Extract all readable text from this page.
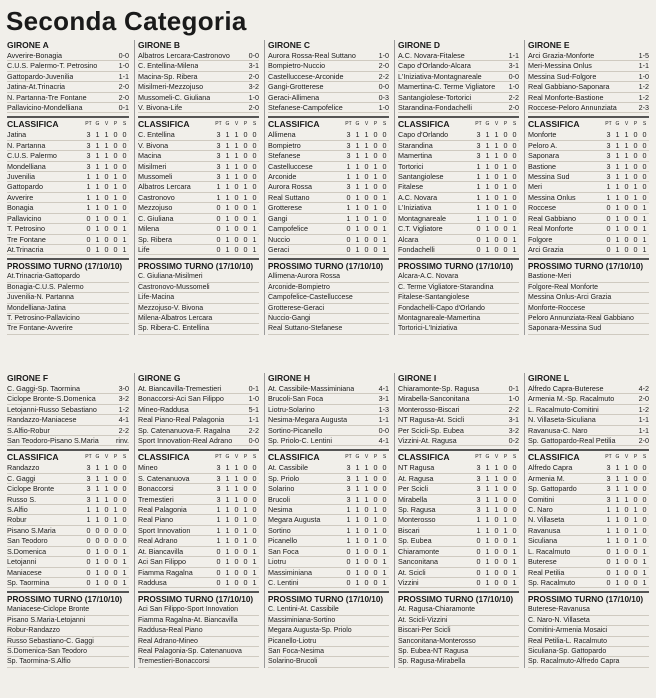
Seconda Categoria
GIRONE A
Avverire-Bonagia	0-0
C.U.S. Palermo-T. Petrosino	1-0
Gattopardo-Juvenilia	1-1
Jatina-At.Trinacria	2-0
N. Partanna-Tre Fontane	2-0
Pallavicino-Mondelliana	0-1
CLASSIFICA	PT G	V	P	S
Jatina	3 1 1 0 0
N. Partanna	3 1 1 0 0
C.U.S. Palermo	3 1 1 0 0
Mondelliana	3 1 1 0 0
Juvenilia	1 1 0 1 0
Gattopardo	1 1 0 1 0
Avverire	1 1 0 1 0
Bonagia	1 1 0 1 0
Pallavicino	0 1 0 0 1
T. Petrosino	0 1 0 0 1
Tre Fontane	0 1 0 0 1
At.Trinacria	0 1 0 0 1
PROSSIMO TURNO (17/10/10)
At.Trinacria-Gattopardo
Bonagia-C.U.S. Palermo
Juvenilia-N. Partanna
Mondelliana-Jatina
T. Petrosino-Pallavicino
Tre Fontane-Avverire
GIRONE B
Albatros Lercara-Castronovo	0-0
C. Entellina-Milena	3-1
Macina-Sp. Ribera	2-0
Misilmeri-Mezzojuso	3-2
Mussomeli-C. Giuliana	1-0
V. Bivona-Life	2-0
CLASSIFICA	PT G	V	P	S
C. Entellina	3 1 1 0 0
V. Bivona	3 1 1 0 0
Macina	3 1 1 0 0
Misilmeri	3 1 1 0 0
Mussomeli	3 1 1 0 0
Albatros Lercara	1 1 0 1 0
Castronovo	1 1 0 1 0
Mezzojuso	0 1 0 0 1
C. Giuliana	0 1 0 0 1
Milena	0 1 0 0 1
Sp. Ribera	0 1 0 0 1
Life	0 1 0 0 1
PROSSIMO TURNO (17/10/10)
C. Giuliana-Misilmeri
Castronovo-Mussomeli
Life-Macina
Mezzojuso-V. Bivona
Milena-Albatros Lercara
Sp. Ribera-C. Entellina
GIRONE C
Aurora Rossa-Real Suttano	1-0
Bompietro-Nuccio	2-0
Castelluccese-Arconide	2-2
Gangi-Grotterese	0-0
Geraci-Allimena	0-3
Stefanese-Campofelice	1-0
CLASSIFICA	PT G	V	P	S
Allimena	3 1 1 0 0
Bompietro	3 1 1 0 0
Stefanese	3 1 1 0 0
Castelluccese	1 1 0 1 0
Arconide	1 1 0 1 0
Aurora Rossa	3 1 1 0 0
Real Suttano	0 1 0 0 1
Grotterese	1 1 0 1 0
Gangi	1 1 0 1 0
Campofelice	0 1 0 0 1
Nuccio	0 1 0 0 1
Geraci	0 1 0 0 1
PROSSIMO TURNO (17/10/10)
Allimena-Aurora Rossa
Arconide-Bompietro
Campofelice-Castelluccese
Grotterese-Geraci
Nuccio-Gangi
Real Suttano-Stefanese
GIRONE D
A.C. Novara-Fitalese	1-1
Capo d'Orlando-Alcara	3-1
L'Iniziativa-Montagnareale	0-0
Mamertina-C. Terme Vigliatore 1-0
Santangiolese-Tortorici	2-2
Starandina-Fondachelli	2-0
CLASSIFICA	PT G	V	P	S
Capo d'Orlando	3 1 1 0 0
Starandina	3 1 1 0 0
Mamertina	3 1 1 0 0
Tortorici	1 1 0 1 0
Santangiolese	1 1 0 1 0
Fitalese	1 1 0 1 0
A.C. Novara	1 1 0 1 0
L'Iniziativa	1 1 0 1 0
Montagnareale	1 1 0 1 0
C.T. Vigliatore	0 1 0 0 1
Alcara	0 1 0 0 1
Fondachelli	0 1 0 0 1
PROSSIMO TURNO (17/10/10)
Alcara-A.C. Novara
C. Terme Vigliatore-Starandina
Fitalese-Santangiolese
Fondachelli-Capo d'Orlando
Montagnareale-Mamertina
Tortorici-L'Iniziativa
GIRONE E
Arci Grazia-Monforte	1-5
Meri-Messina Onlus	1-1
Messina Sud-Folgore	1-0
Real Gabbiano-Saponara	1-2
Real Monforte-Bastione	1-2
Roccese-Peloro Annunziata	2-3
CLASSIFICA	PT G	V	P	S
Monforte	3 1 1 0 0
Peloro A.	3 1 1 0 0
Saponara	3 1 1 0 0
Bastione	3 1 1 0 0
Messina Sud	3 1 1 0 0
Meri	1 1 0 1 0
Messina Onlus	1 1 0 1 0
Roccese	0 1 0 0 1
Real Gabbiano	0 1 0 0 1
Real Monforte	0 1 0 0 1
Folgore	0 1 0 0 1
Arci Grazia	0 1 0 0 1
PROSSIMO TURNO (17/10/10)
Bastione-Meri
Folgore-Real Monforte
Messina Onlus-Arci Grazia
Monforte-Roccese
Peloro Annunziata-Real Gabbiano
Saponara-Messina Sud
GIRONE F
C. Gaggi-Sp. Taormina	3-0
Ciclope Bronte-S.Domenica	3-2
Letojanni-Russo Sebastiano	1-2
Randazzo-Maniacese	4-1
S.Alfio-Robur	2-2
San Teodoro-Pisano S.Maria rinv.
CLASSIFICA	PT G	V	P	S
Randazzo	3 1 1 0 0
C. Gaggi	3 1 1 0 0
Ciclope Bronte	3 1 1 0 0
Russo S.	3 1 1 0 0
S.Alfio	1 1 0 1 0
Robur	1 1 0 1 0
Pisano S.Maria	0 0 0 0 0
San Teodoro	0 0 0 0 0
S.Domenica	0 1 0 0 1
Letojanni	0 1 0 0 1
Maniacese	0 1 0 0 1
Sp. Taormina	0 1 0 0 1
PROSSIMO TURNO (17/10/10)
Maniacese-Ciclope Bronte
Pisano S.Maria-Letojanni
Robur-Randazzo
Russo Sebastiano-C. Gaggi
S.Domenica-San Teodoro
Sp. Taormina-S.Alfio
GIRONE G
At. Biancavilla-Tremestieri	0-1
Bonaccorsi-Aci San Filippo	1-0
Mineo-Raddusa	5-1
Real Piano-Real Palagonia	1-1
Sp. Catenanuova-F. Ragalna	2-2
Sport Innovation-Real Adrano 0-0
CLASSIFICA	PT G	V	P	S
Mineo	3 1 1 0 0
S. Catenanuova	3 1 1 0 0
Bonaccorsi	3 1 1 0 0
Tremestieri	3 1 1 0 0
Real Palagonia	1 1 0 1 0
Real Piano	1 1 0 1 0
Sport Innovation	1 1 0 1 0
Real Adrano	1 1 0 1 0
At. Biancavilla	0 1 0 0 1
Aci San Filippo	0 1 0 0 1
Fiamma Ragalna	0 1 0 0 1
Raddusa	0 1 0 0 1
PROSSIMO TURNO (17/10/10)
Aci San Filippo-Sport Innovation
Fiamma Ragalna-At. Biancavilla
Raddusa-Real Piano
Real Adrano-Mineo
Real Palagonia-Sp. Catenanuova
Tremestieri-Bonaccorsi
GIRONE H
At. Cassibile-Massiminiana	4-1
Brucoli-San Foca	3-1
Liotru-Solarino	1-3
Nesima-Megara Augusta	1-1
Sortino-Picanello	0-0
Sp. Priolo-C. Lentini	4-1
CLASSIFICA	PT G	V	P	S
At. Cassibile	3 1 1 0 0
Sp. Priolo	3 1 1 0 0
Solarino	3 1 1 0 0
Brucoli	3 1 1 0 0
Nesima	1 1 0 1 0
Megara Augusta	1 1 0 1 0
Sortino	1 1 0 1 0
Picanello	1 1 0 1 0
San Foca	0 1 0 0 1
Liotru	0 1 0 0 1
Massiminiana	0 1 0 0 1
C. Lentini	0 1 0 0 1
PROSSIMO TURNO (17/10/10)
C. Lentini-At. Cassibile
Massiminiana-Sortino
Megara Augusta-Sp. Priolo
Picanello-Liotru
San Foca-Nesima
Solarino-Brucoli
GIRONE I
Chiaramonte-Sp. Ragusa	0-1
Mirabella-Sanconitana	1-0
Monterosso-Biscari	2-2
NT Ragusa-At. Scicli	3-1
Per Scicli-Sp. Eubea	3-2
Vizzini-At. Ragusa	0-2
CLASSIFICA	PT G	V	P	S
NT Ragusa	3 1 1 0 0
At. Ragusa	3 1 1 0 0
Per Scicli	3 1 1 0 0
Mirabella	3 1 1 0 0
Sp. Ragusa	3 1 1 0 0
Monterosso	1 1 0 1 0
Biscari	1 1 0 1 0
Sp. Eubea	0 1 0 0 1
Chiaramonte	0 1 0 0 1
Sanconitana	0 1 0 0 1
At. Scicli	0 1 0 0 1
Vizzini	0 1 0 0 1
PROSSIMO TURNO (17/10/10)
At. Ragusa-Chiaramonte
At. Scicli-Vizzini
Biscari-Per Scicli
Sanconitana-Monterosso
Sp. Eubea-NT Ragusa
Sp. Ragusa-Mirabella
GIRONE L
Alfredo Capra-Buterese	4-2
Armenia M.-Sp. Racalmuto	2-0
L. Racalmuto-Comitini	1-2
N. Villaseta-Siculiana	1-1
Ravanusa-C. Naro	1-1
Sp. Gattopardo-Real Petilia	2-0
CLASSIFICA	PT G	V	P	S
Alfredo Capra	3 1 1 0 0
Armenia M.	3 1 1 0 0
Sp. Gattopardo	3 1 1 0 0
Comitini	3 1 1 0 0
C. Naro	1 1 0 1 0
N. Villaseta	1 1 0 1 0
Ravanusa	1 1 0 1 0
Siculiana	1 1 0 1 0
L. Racalmuto	0 1 0 0 1
Buterese	0 1 0 0 1
Real Petilia	0 1 0 0 1
Sp. Racalmuto	0 1 0 0 1
PROSSIMO TURNO (17/10/10)
Buterese-Ravanusa
C. Naro-N. Villaseta
Comitini-Armenia Mosaici
Real Petilia-L. Racalmuto
Siculiana-Sp. Gattopardo
Sp. Racalmuto-Alfredo Capra
